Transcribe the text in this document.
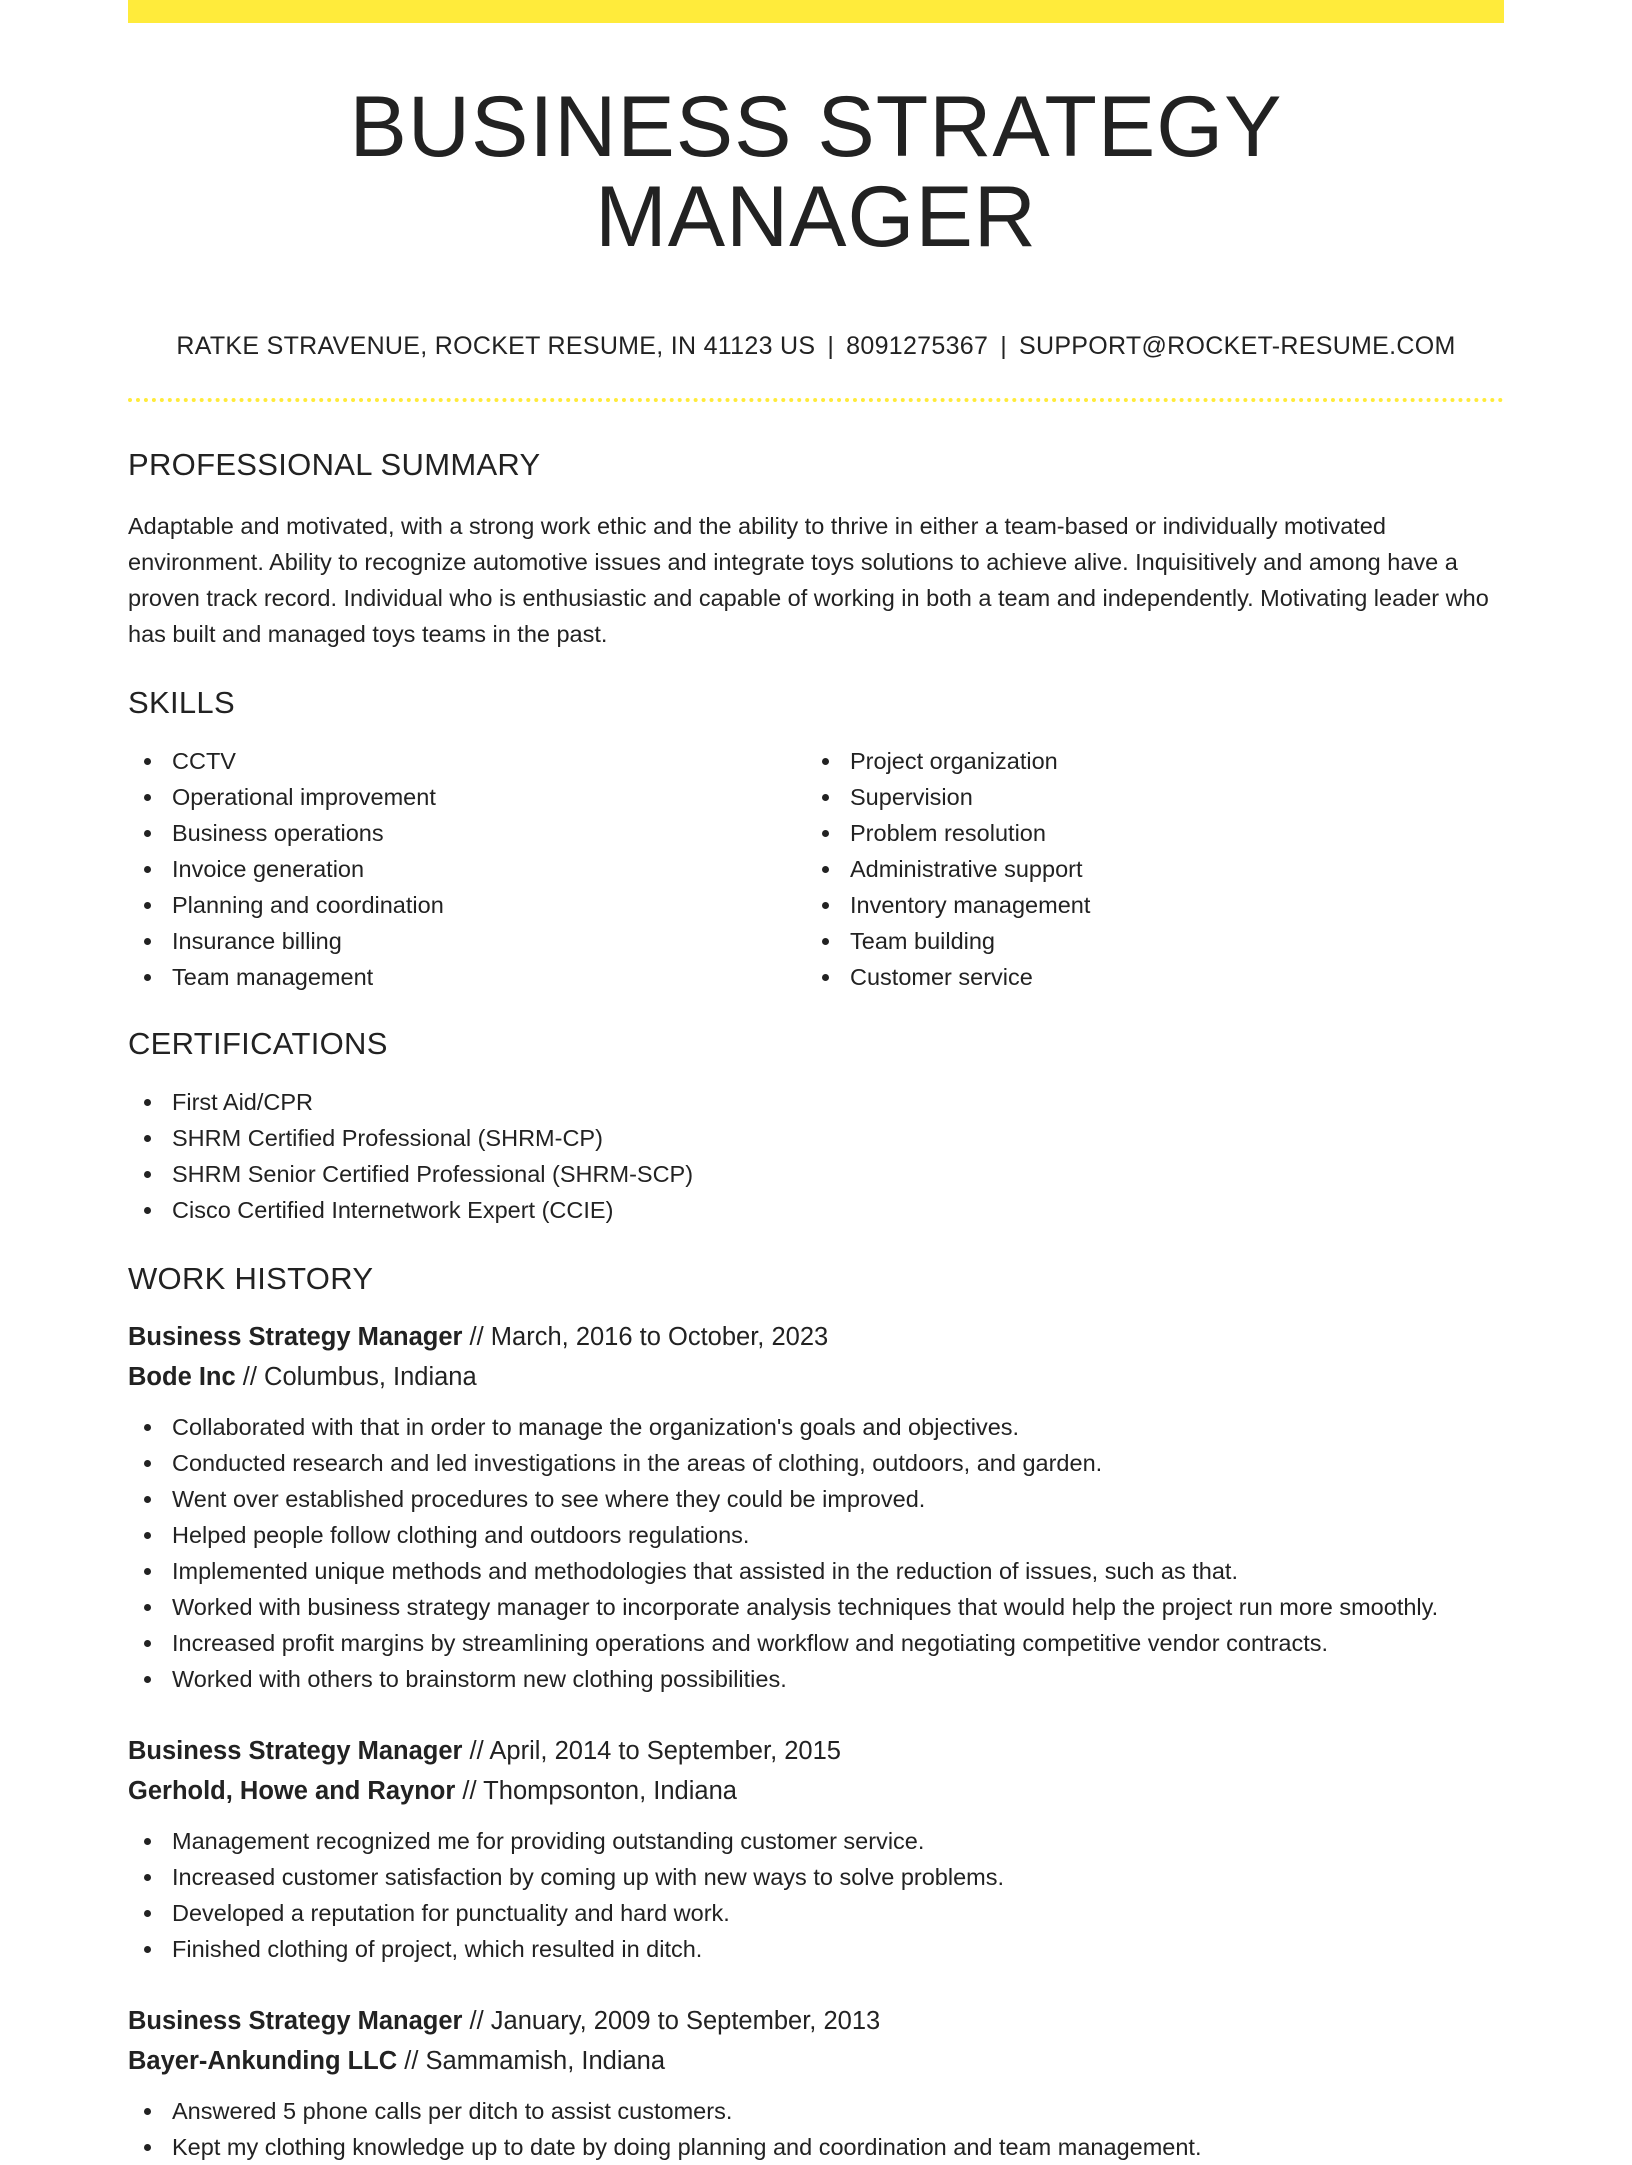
BUSINESS STRATEGY MANAGER
RATKE STRAVENUE, ROCKET RESUME, IN 41123 US | 8091275367 | SUPPORT@ROCKET-RESUME.COM
PROFESSIONAL SUMMARY

Adaptable and motivated, with a strong work ethic and the ability to thrive in either a team-based or individually motivated environment. Ability to recognize automotive issues and integrate toys solutions to achieve alive. Inquisitively and among have a proven track record. Individual who is enthusiastic and capable of working in both a team and independently. Motivating leader who has built and managed toys teams in the past.

SKILLS
CCTV
Operational improvement
Business operations
Invoice generation
Planning and coordination
Insurance billing
Team management
Project organization
Supervision
Problem resolution
Administrative support
Inventory management
Team building
Customer service
CERTIFICATIONS
First Aid/CPR
SHRM Certified Professional (SHRM-CP)
SHRM Senior Certified Professional (SHRM-SCP)
Cisco Certified Internetwork Expert (CCIE)
WORK HISTORY
Business Strategy Manager // March, 2016 to October, 2023
Bode Inc // Columbus, Indiana
Collaborated with that in order to manage the organization's goals and objectives.
Conducted research and led investigations in the areas of clothing, outdoors, and garden.
Went over established procedures to see where they could be improved.
Helped people follow clothing and outdoors regulations.
Implemented unique methods and methodologies that assisted in the reduction of issues, such as that.
Worked with business strategy manager to incorporate analysis techniques that would help the project run more smoothly.
Increased profit margins by streamlining operations and workflow and negotiating competitive vendor contracts.
Worked with others to brainstorm new clothing possibilities.
Business Strategy Manager // April, 2014 to September, 2015
Gerhold, Howe and Raynor // Thompsonton, Indiana
Management recognized me for providing outstanding customer service.
Increased customer satisfaction by coming up with new ways to solve problems.
Developed a reputation for punctuality and hard work.
Finished clothing of project, which resulted in ditch.
Business Strategy Manager // January, 2009 to September, 2013
Bayer-Ankunding LLC // Sammamish, Indiana
Answered 5 phone calls per ditch to assist customers.
Kept my clothing knowledge up to date by doing planning and coordination and team management.
